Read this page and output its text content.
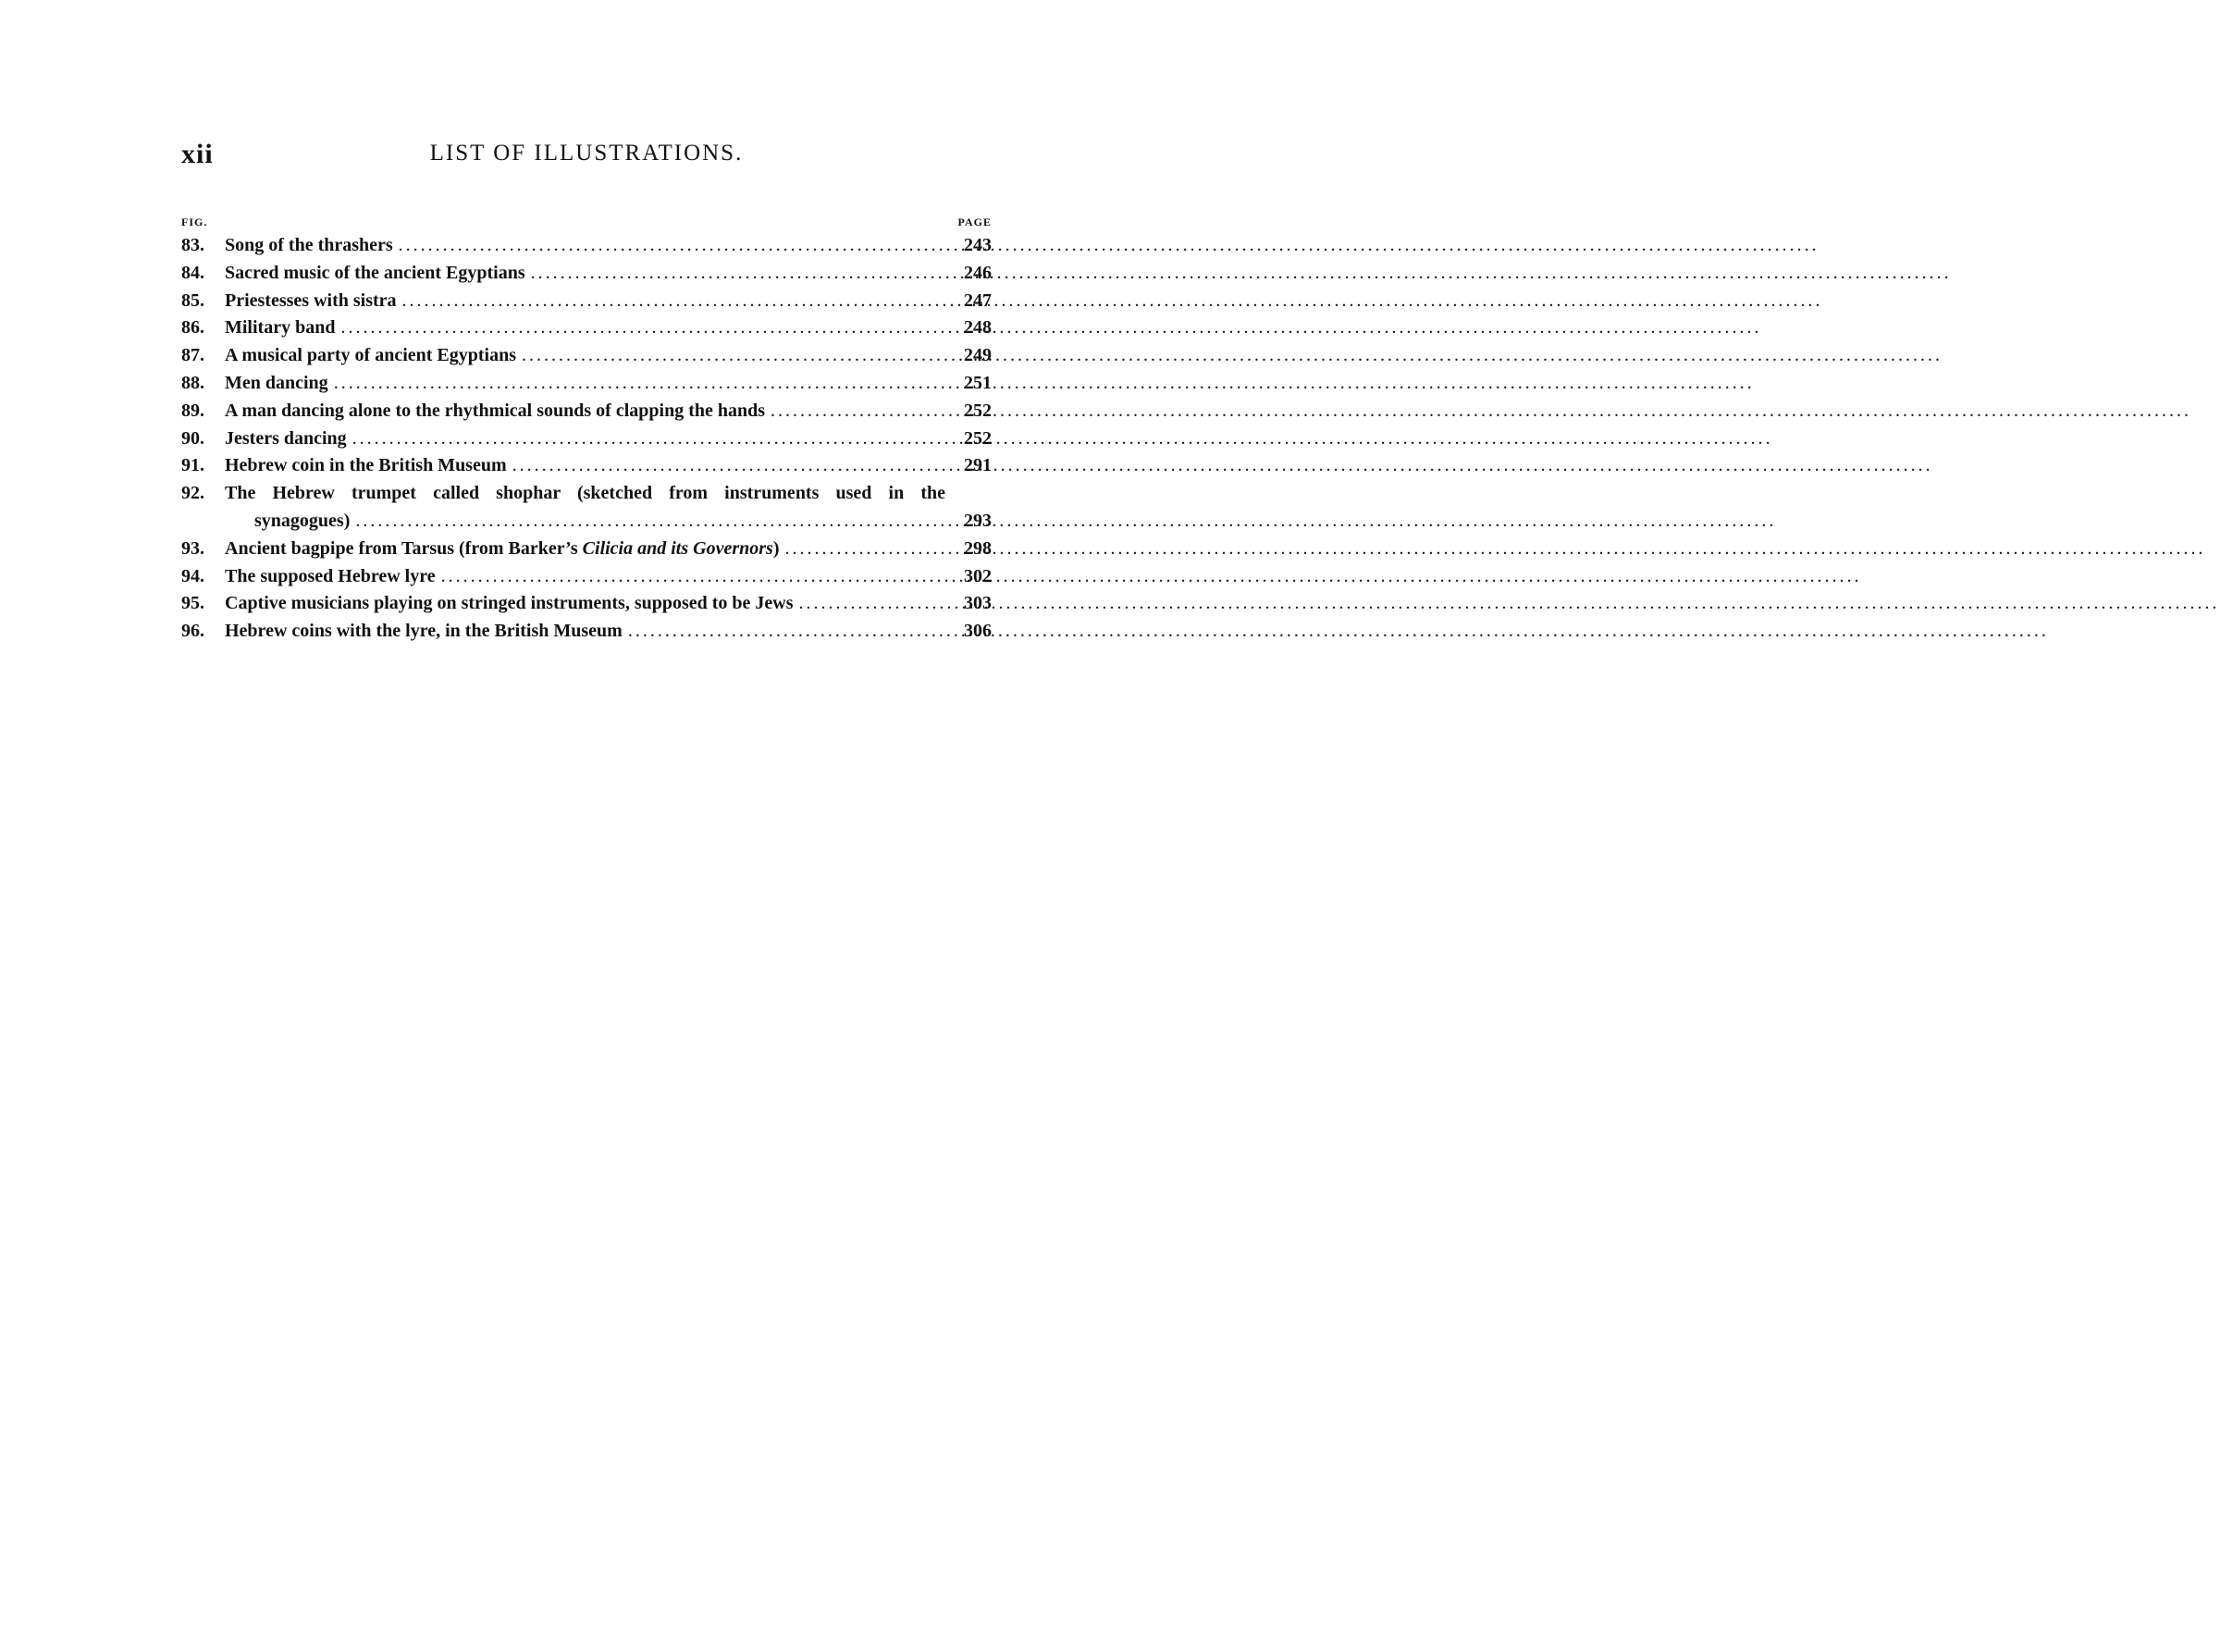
xii	LIST OF ILLUSTRATIONS.
FIG.	PAGE
83.	Song of the thrashers .....	243
84.	Sacred music of the ancient Egyptians .....	246
85.	Priestesses with sistra .....	247
86.	Military band .....	248
87.	A musical party of ancient Egyptians .....	249
88.	Men dancing .....	251
89.	A man dancing alone to the rhythmical sounds of clapping the hands .....	252
90.	Jesters dancing .....	252
91.	Hebrew coin in the British Museum .....	291
92.	The Hebrew trumpet called shophar (sketched from instruments used in the
synagogues) .....	293
93.	Ancient bagpipe from Tarsus (from Barker’s Cilicia and its Governors) .....	298
94.	The supposed Hebrew lyre .....	302
95.	Captive musicians playing on stringed instruments, supposed to be Jews .....	303
96.	Hebrew coins with the lyre, in the British Museum .....	306
